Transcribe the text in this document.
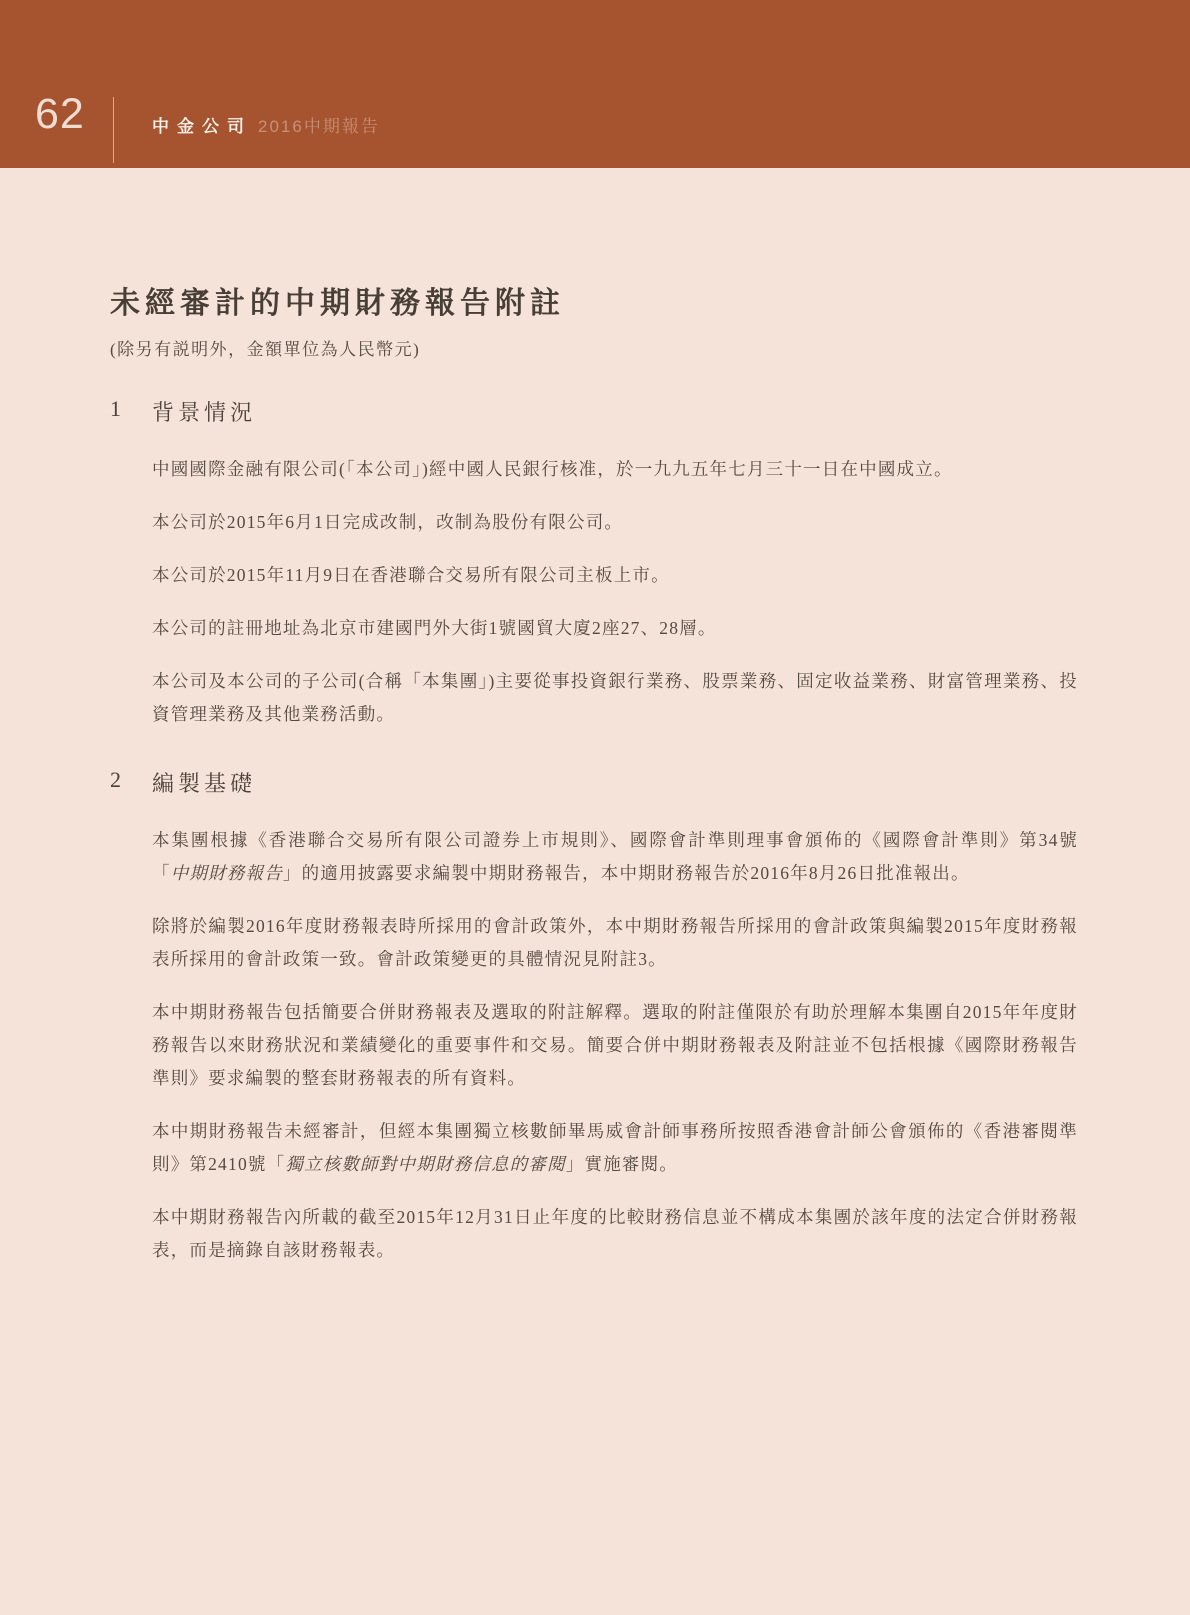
62	中金公司 2016中期報告
未經審計的中期財務報告附註
(除另有説明外，金額單位為人民幣元)
1	背景情況

中國國際金融有限公司(「本公司」)經中國人民銀行核准，於一九九五年七月三十一日在中國成立。

本公司於2015年6月1日完成改制，改制為股份有限公司。

本公司於2015年11月9日在香港聯合交易所有限公司主板上市。

本公司的註冊地址為北京市建國門外大街1號國貿大廈2座27、28層。

本公司及本公司的子公司(合稱「本集團」)主要從事投資銀行業務、股票業務、固定收益業務、財富管理業務、投資管理業務及其他業務活動。

2	編製基礎

本集團根據《香港聯合交易所有限公司證券上市規則》、國際會計準則理事會頒佈的《國際會計準則》第34號「中期財務報告」的適用披露要求編製中期財務報告，本中期財務報告於2016年8月26日批准報出。

除將於編製2016年度財務報表時所採用的會計政策外，本中期財務報告所採用的會計政策與編製2015年度財務報表所採用的會計政策一致。會計政策變更的具體情況見附註3。

本中期財務報告包括簡要合併財務報表及選取的附註解釋。選取的附註僅限於有助於理解本集團自2015年年度財務報告以來財務狀況和業績變化的重要事件和交易。簡要合併中期財務報表及附註並不包括根據《國際財務報告準則》要求編製的整套財務報表的所有資料。

本中期財務報告未經審計，但經本集團獨立核數師畢馬威會計師事務所按照香港會計師公會頒佈的《香港審閱準則》第2410號「獨立核數師對中期財務信息的審閱」實施審閱。

本中期財務報告內所載的截至2015年12月31日止年度的比較財務信息並不構成本集團於該年度的法定合併財務報表，而是摘錄自該財務報表。
